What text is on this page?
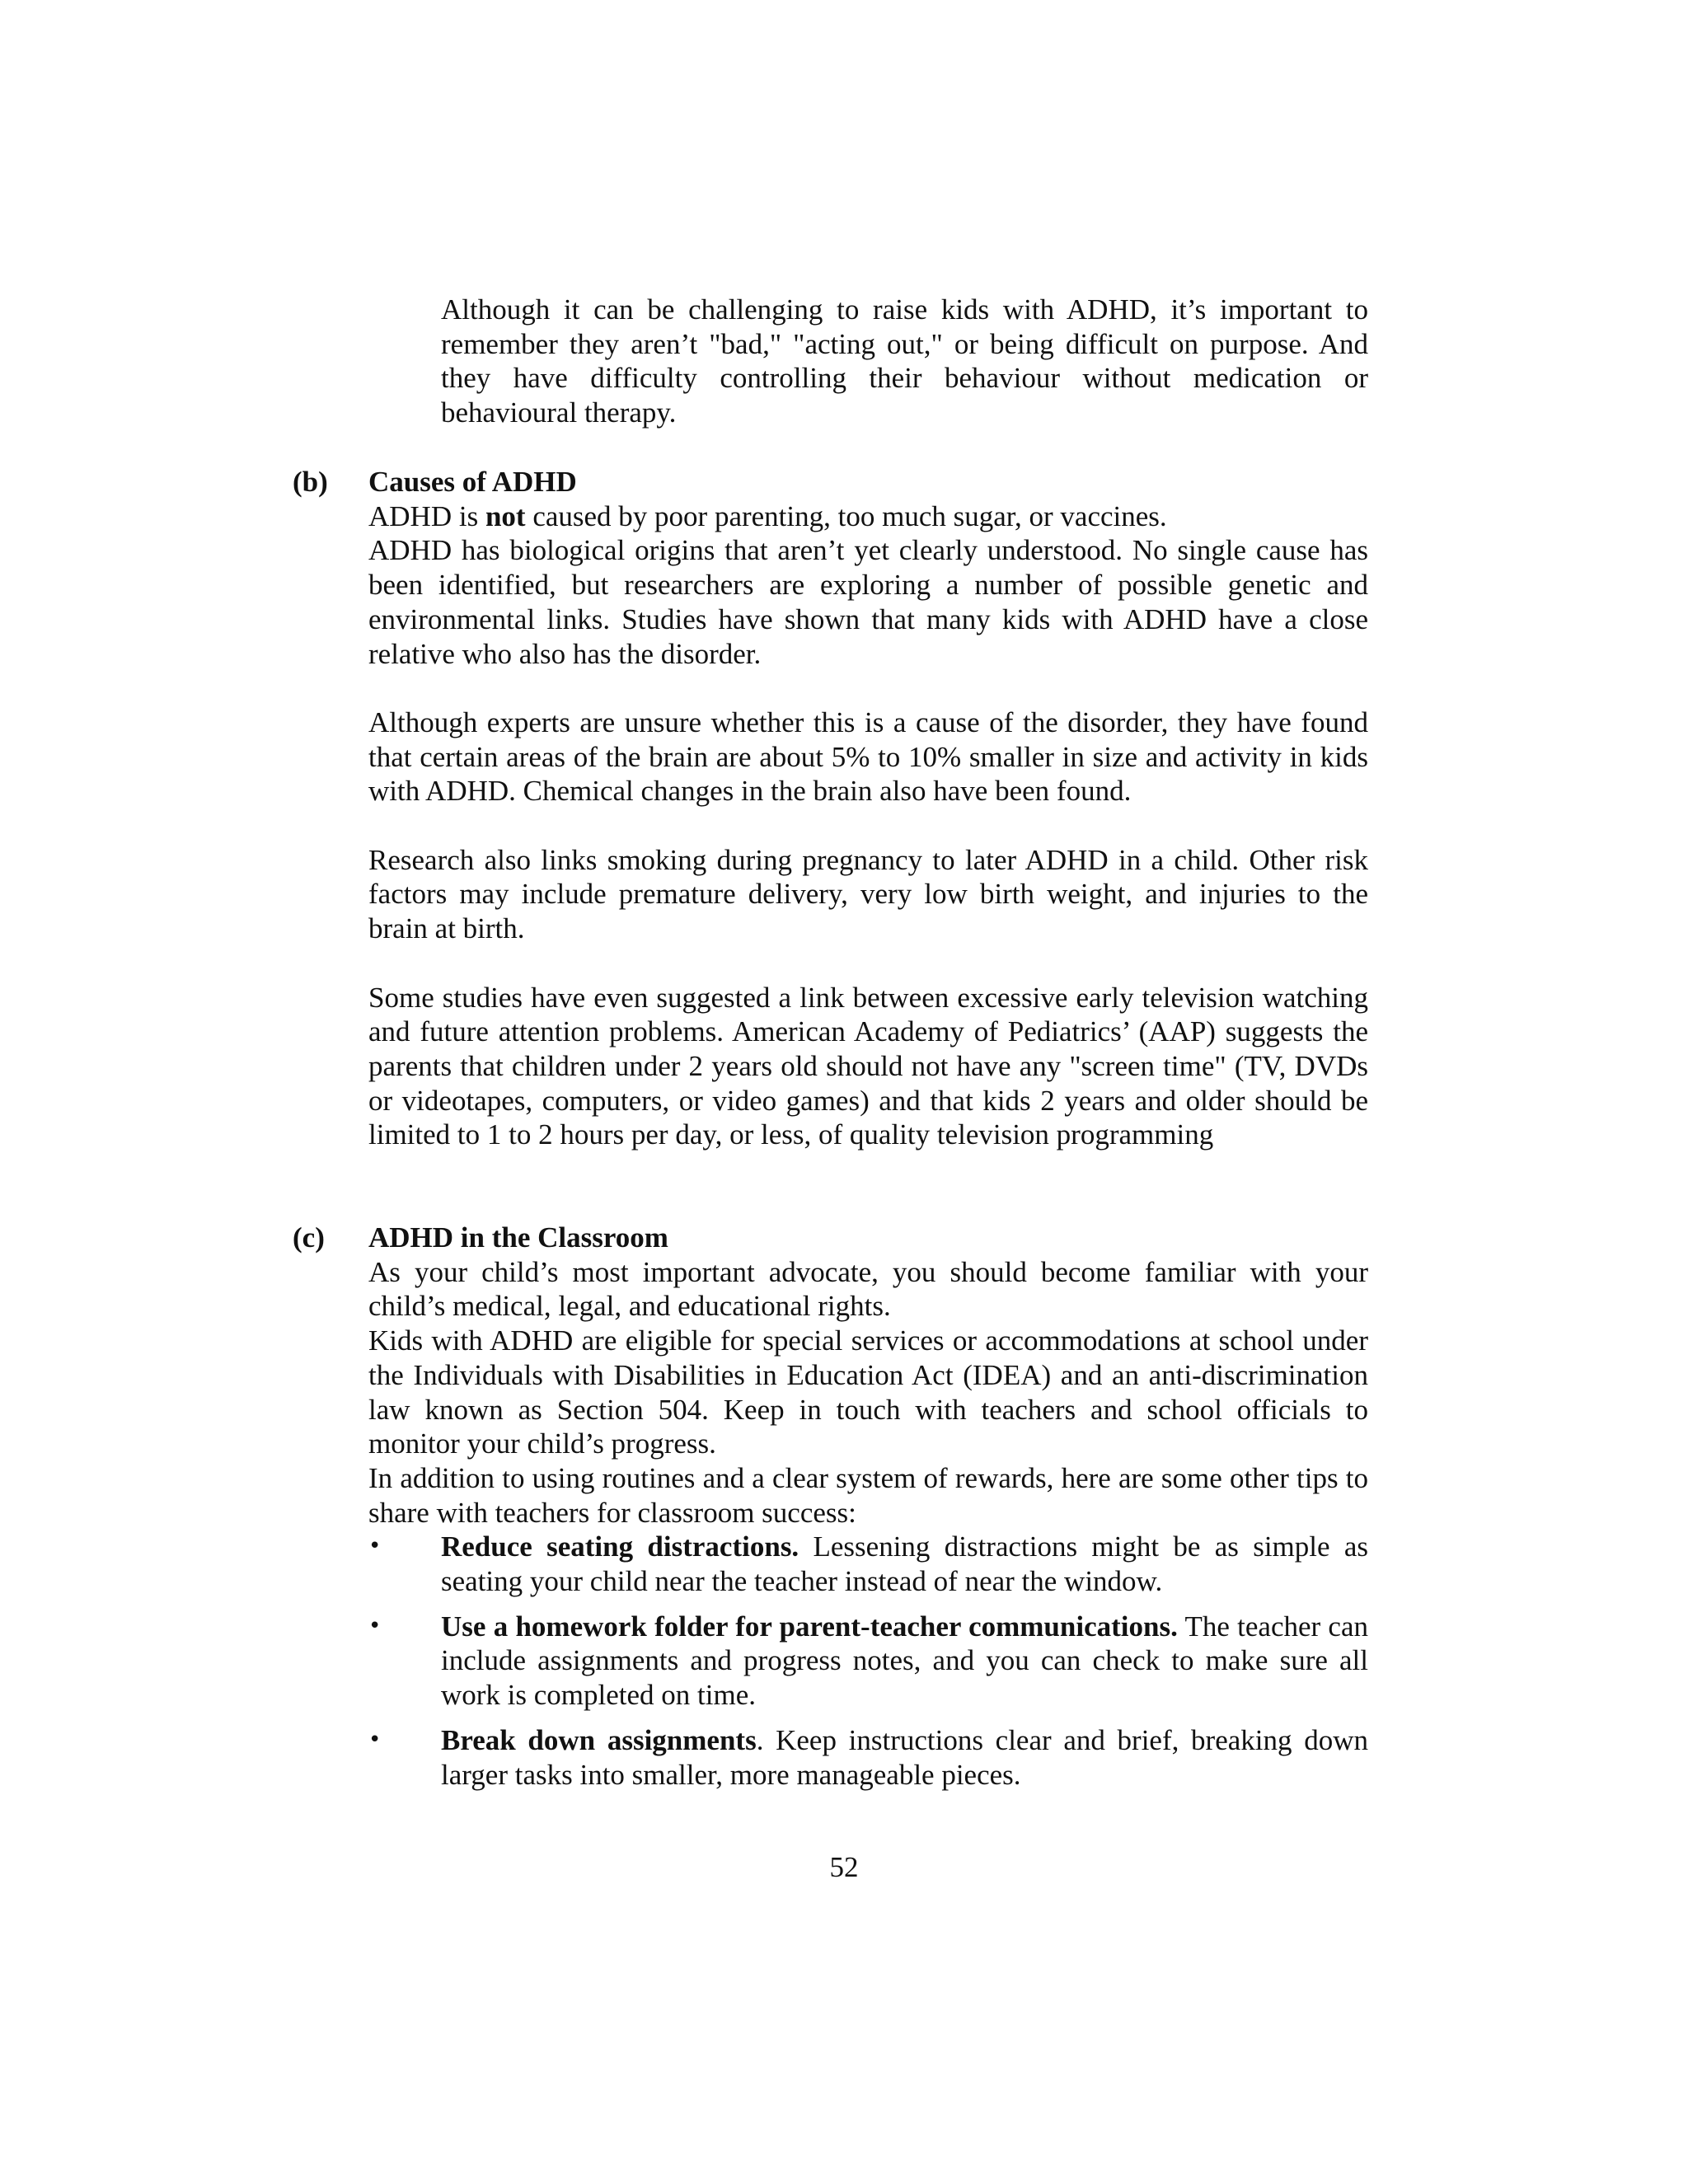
Although it can be challenging to raise kids with ADHD, it’s important to remember they aren’t "bad," "acting out," or being difficult on purpose. And they have difficulty controlling their behaviour without medication or behavioural therapy.

(b) Causes of ADHD

ADHD is not caused by poor parenting, too much sugar, or vaccines.

ADHD has biological origins that aren’t yet clearly understood. No single cause has been identified, but researchers are exploring a number of possible genetic and environmental links. Studies have shown that many kids with ADHD have a close relative who also has the disorder.

Although experts are unsure whether this is a cause of the disorder, they have found that certain areas of the brain are about 5% to 10% smaller in size and activity in kids with ADHD. Chemical changes in the brain also have been found.

Research also links smoking during pregnancy to later ADHD in a child. Other risk factors may include premature delivery, very low birth weight, and injuries to the brain at birth.

Some studies have even suggested a link between excessive early television watching and future attention problems. American Academy of Pediatrics’ (AAP) suggests the parents that children under 2 years old should not have any "screen time" (TV, DVDs or videotapes, computers, or video games) and that kids 2 years and older should be limited to 1 to 2 hours per day, or less, of quality television programming

(c) ADHD in the Classroom

As your child’s most important advocate, you should become familiar with your child’s medical, legal, and educational rights.

Kids with ADHD are eligible for special services or accommodations at school under the Individuals with Disabilities in Education Act (IDEA) and an anti-discrimination law known as Section 504. Keep in touch with teachers and school officials to monitor your child’s progress.

In addition to using routines and a clear system of rewards, here are some other tips to share with teachers for classroom success:

• Reduce seating distractions. Lessening distractions might be as simple as seating your child near the teacher instead of near the window.
• Use a homework folder for parent-teacher communications. The teacher can include assignments and progress notes, and you can check to make sure all work is completed on time.
• Break down assignments. Keep instructions clear and brief, breaking down larger tasks into smaller, more manageable pieces.
52
